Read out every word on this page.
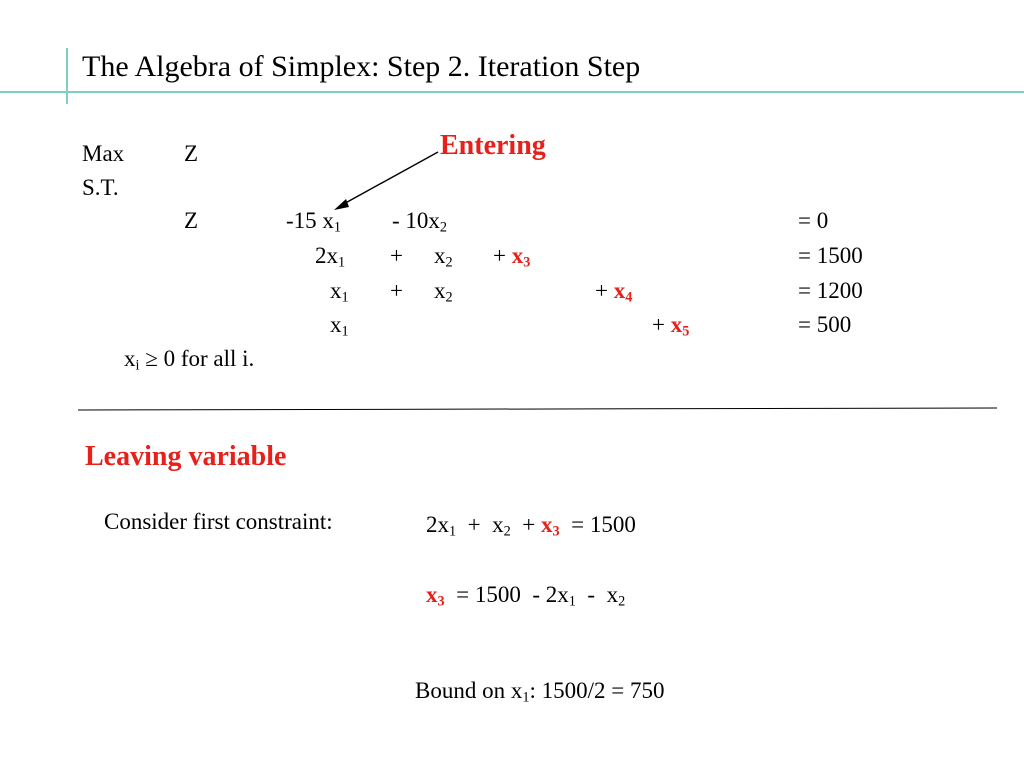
The Algebra of Simplex: Step 2. Iteration Step
Entering
Max	Z
S.T.
Z	-15 $x_1 - 10x_2$	= 0
$2x_1 + x_2 + x_3$	= 1500
$x_1 + x_2$	+ $x_4$	= 1200
$x_1$	+ $x_5$	= 500
$x_i \ge 0$ for all i.
Leaving variable
Consider first constraint:	$2x_1 + x_2 + x_3 = 1500$
$x_3 = 1500 - 2x_1 - x_2$
Bound on $x_1$: 1500/2 = 750
